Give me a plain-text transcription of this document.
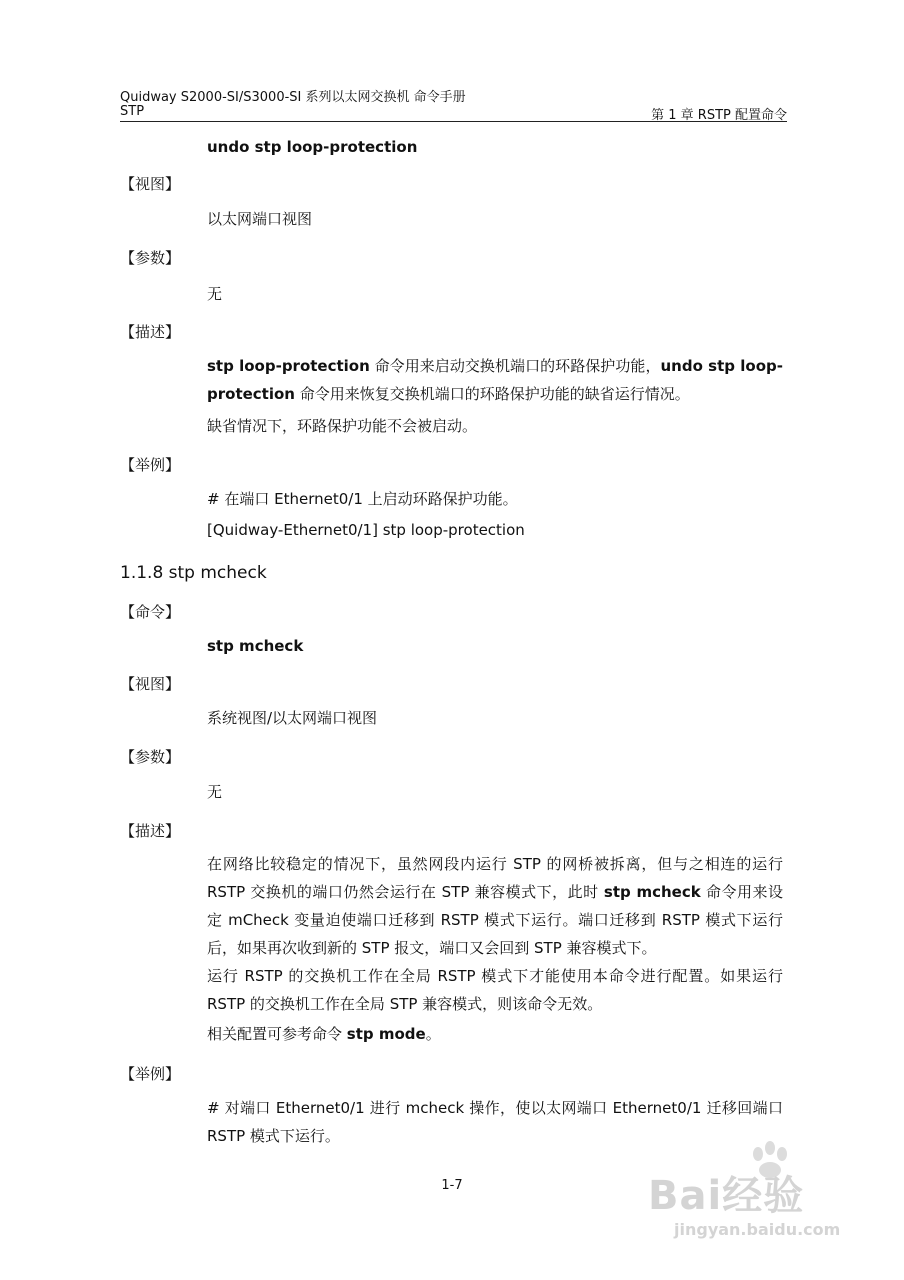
Quidway S2000-SI/S3000-SI 系列以太网交换机 命令手册
STP	第 1 章 RSTP 配置命令
undo stp loop-protection
【视图】
以太网端口视图
【参数】
无
【描述】
stp loop-protection 命令用来启动交换机端口的环路保护功能，undo stp loop-protection 命令用来恢复交换机端口的环路保护功能的缺省运行情况。
缺省情况下，环路保护功能不会被启动。
【举例】
# 在端口 Ethernet0/1 上启动环路保护功能。
[Quidway-Ethernet0/1] stp loop-protection
1.1.8 stp mcheck
【命令】
stp mcheck
【视图】
系统视图/以太网端口视图
【参数】
无
【描述】
在网络比较稳定的情况下，虽然网段内运行 STP 的网桥被拆离，但与之相连的运行 RSTP 交换机的端口仍然会运行在 STP 兼容模式下，此时 stp mcheck 命令用来设定 mCheck 变量迫使端口迁移到 RSTP 模式下运行。端口迁移到 RSTP 模式下运行后，如果再次收到新的 STP 报文，端口又会回到 STP 兼容模式下。
运行 RSTP 的交换机工作在全局 RSTP 模式下才能使用本命令进行配置。如果运行 RSTP 的交换机工作在全局 STP 兼容模式，则该命令无效。
相关配置可参考命令 stp mode。
【举例】
# 对端口 Ethernet0/1 进行 mcheck 操作，使以太网端口 Ethernet0/1 迁移回端口 RSTP 模式下运行。
1-7	Bai经验
jingyan.baidu.com
